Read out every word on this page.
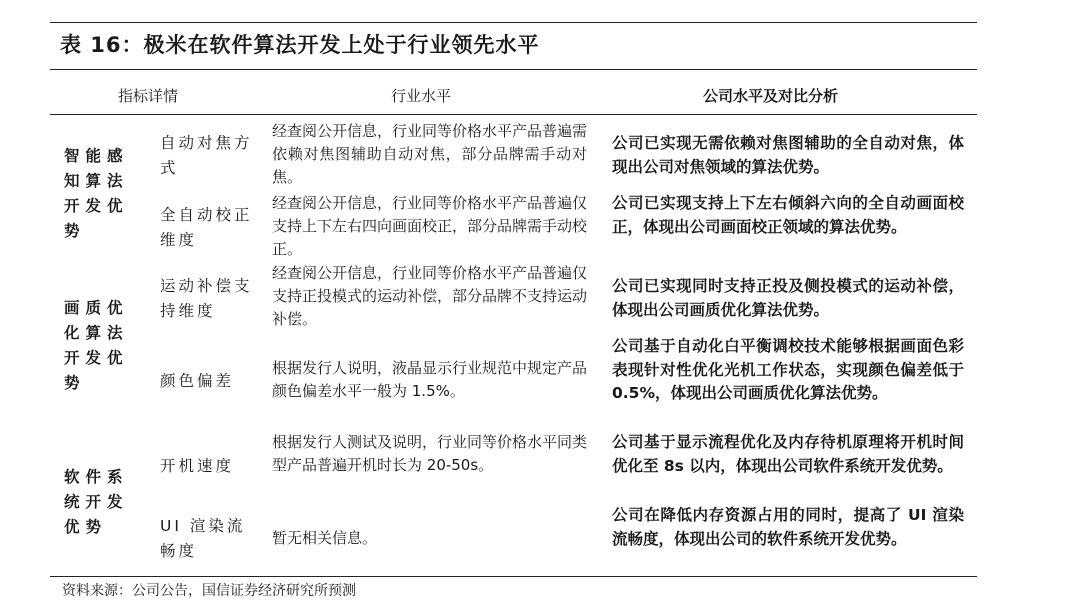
表 16：极米在软件算法开发上处于行业领先水平
指标详情	行业水平	公司水平及对比分析
智能感知算法开发优势
画质优化算法开发优势
软件系统开发优势
自动对焦方式
经查阅公开信息，行业同等价格水平产品普遍需依赖对焦图辅助自动对焦，部分品牌需手动对焦。
公司已实现无需依赖对焦图辅助的全自动对焦，体现出公司对焦领域的算法优势。
全自动校正维度
经查阅公开信息，行业同等价格水平产品普遍仅支持上下左右四向画面校正，部分品牌需手动校正。
公司已实现支持上下左右倾斜六向的全自动画面校正，体现出公司画面校正领域的算法优势。
运动补偿支持维度
经查阅公开信息，行业同等价格水平产品普遍仅支持正投模式的运动补偿，部分品牌不支持运动补偿。
公司已实现同时支持正投及侧投模式的运动补偿，体现出公司画质优化算法优势。
颜色偏差
根据发行人说明，液晶显示行业规范中规定产品颜色偏差水平一般为 1.5%。
公司基于自动化白平衡调校技术能够根据画面色彩表现针对性优化光机工作状态，实现颜色偏差低于 0.5%，体现出公司画质优化算法优势。
开机速度
根据发行人测试及说明，行业同等价格水平同类型产品普遍开机时长为 20-50s。
公司基于显示流程优化及内存待机原理将开机时间优化至 8s 以内，体现出公司软件系统开发优势。
UI 渲染流畅度
暂无相关信息。
公司在降低内存资源占用的同时，提高了 UI 渲染流畅度，体现出公司的软件系统开发优势。
资料来源：公司公告，国信证券经济研究所预测
